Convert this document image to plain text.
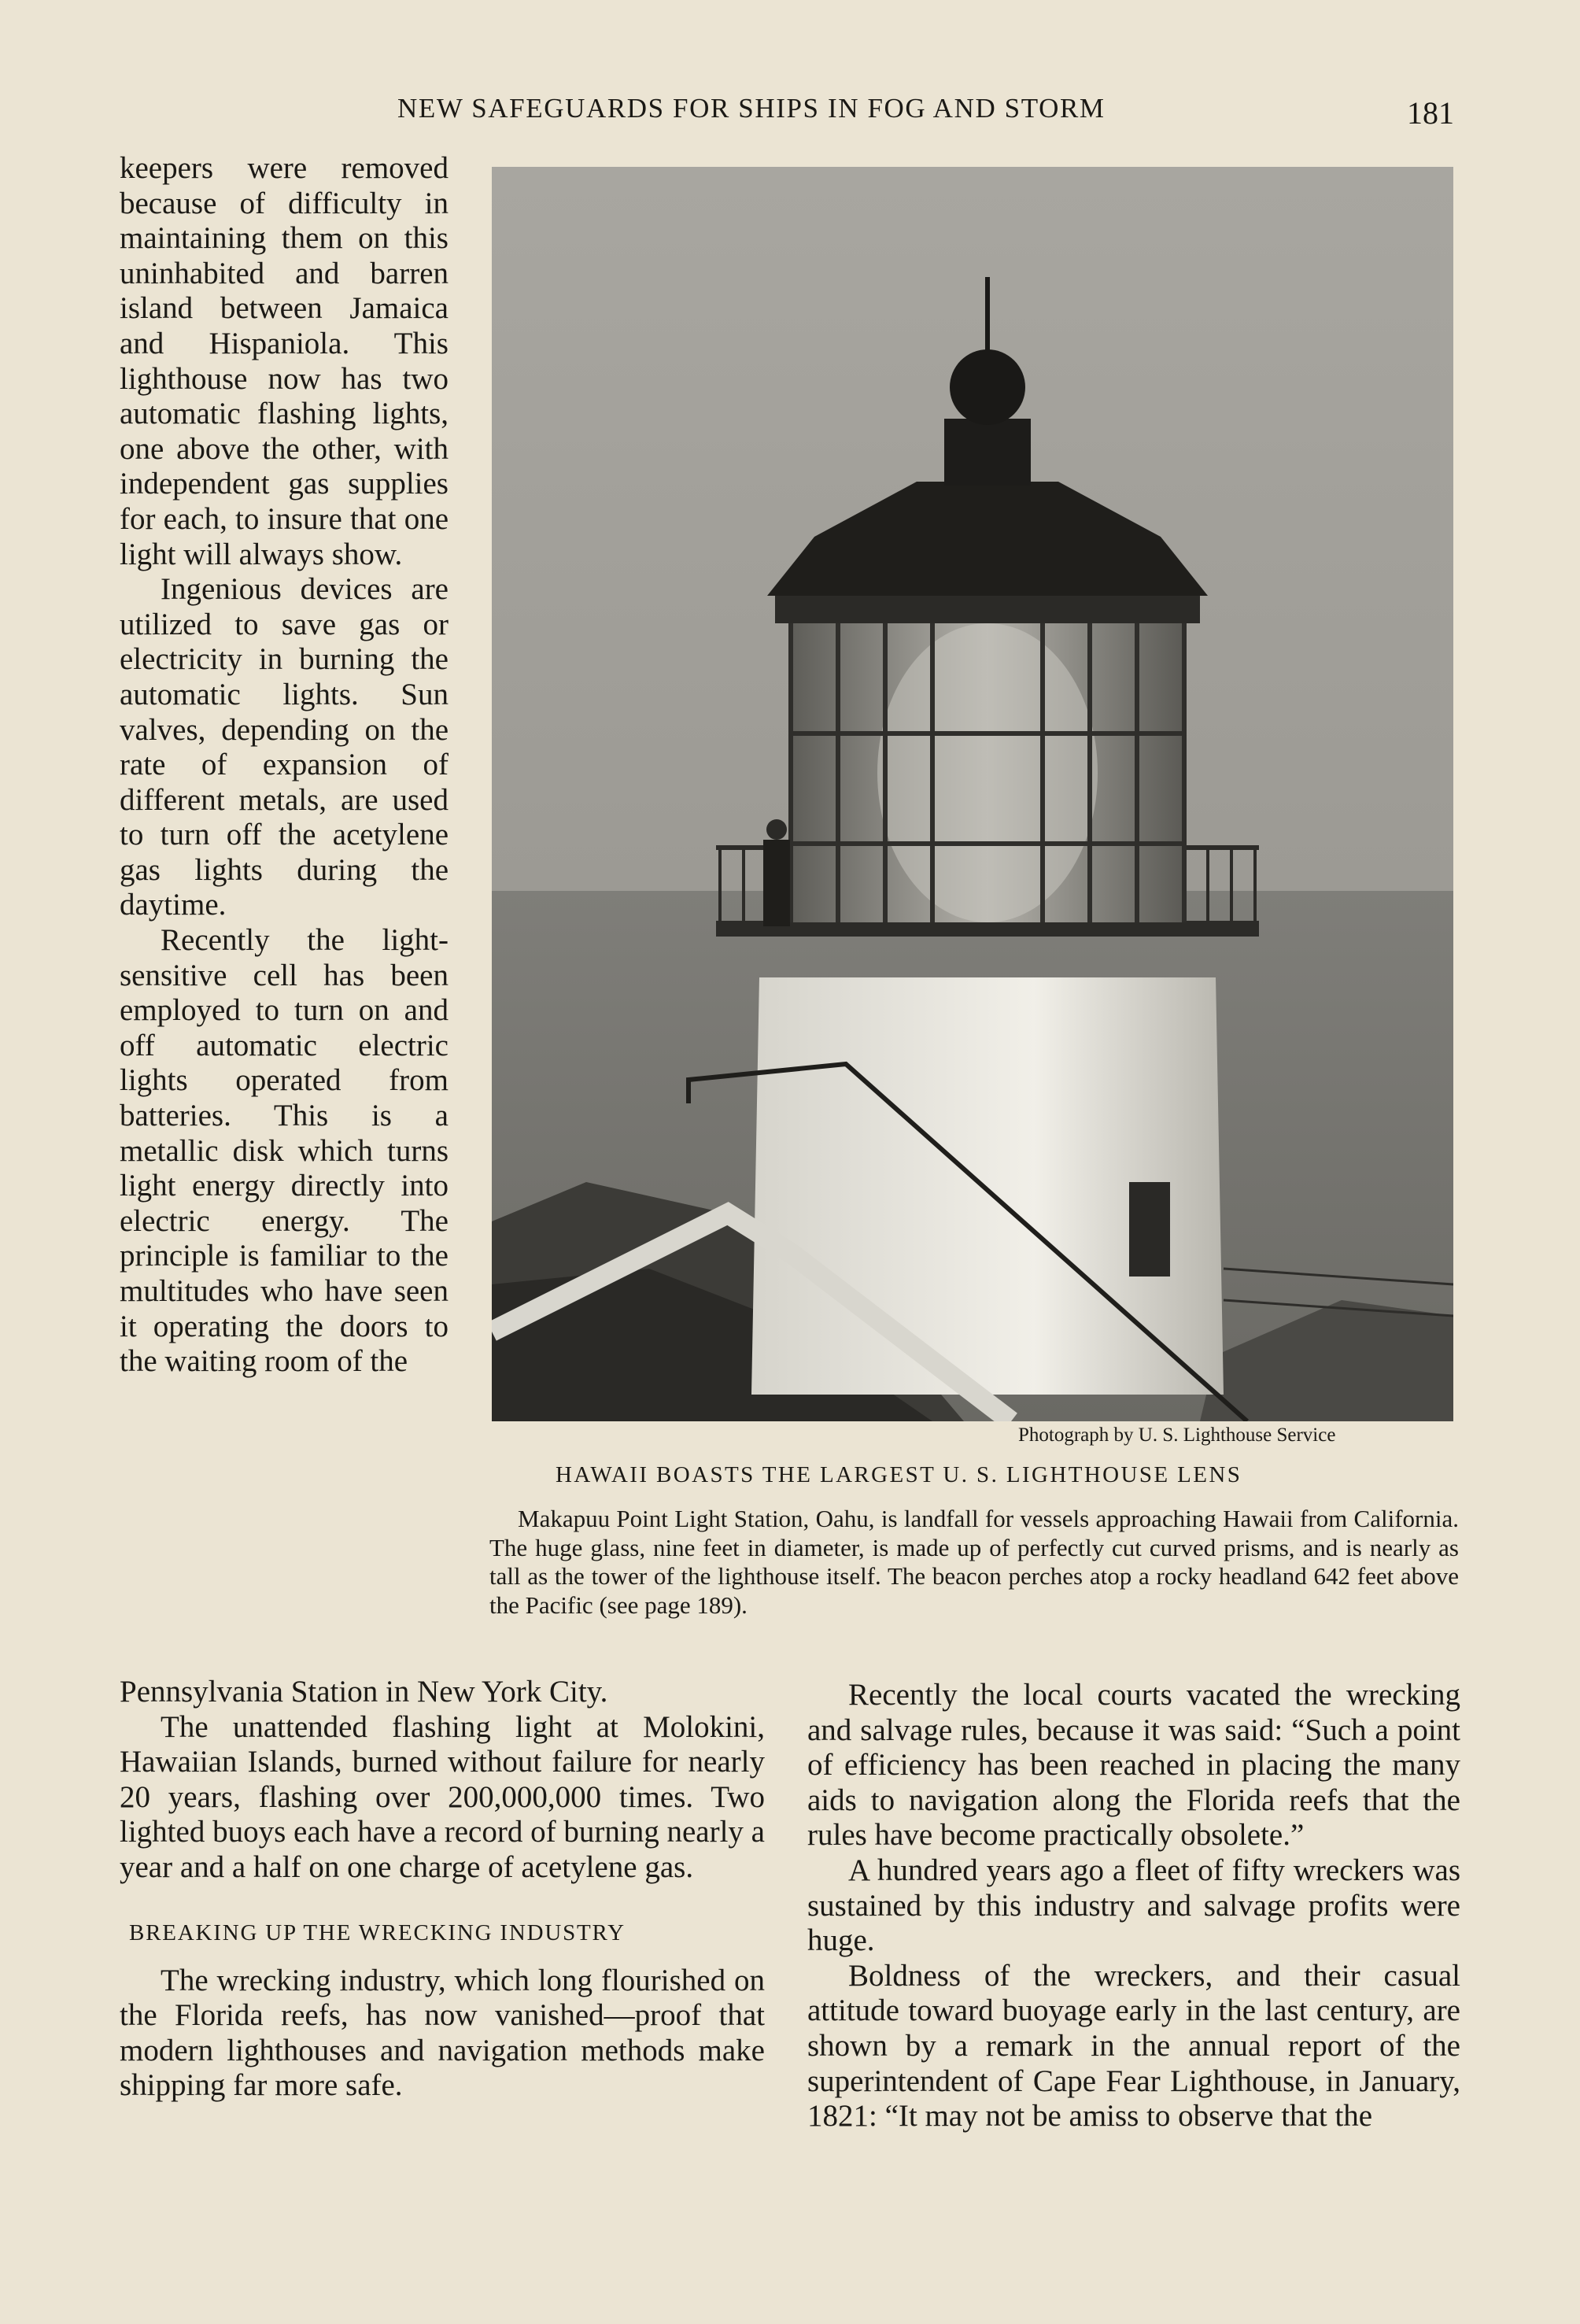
NEW SAFEGUARDS FOR SHIPS IN FOG AND STORM	181

keepers were removed because of difficulty in maintaining them on this uninhabited and barren island between Jamaica and Hispaniola. This lighthouse now has two automatic flashing lights, one above the other, with independent gas supplies for each, to insure that one light will always show.

Ingenious devices are utilized to save gas or electricity in burning the automatic lights. Sun valves, depending on the rate of expansion of different metals, are used to turn off the acetylene gas lights during the daytime.

Recently the light-sensitive cell has been employed to turn on and off automatic electric lights operated from batteries. This is a metallic disk which turns light energy directly into electric energy. The principle is familiar to the multitudes who have seen it operating the doors to the waiting room of the

Photograph by U. S. Lighthouse Service
HAWAII BOASTS THE LARGEST U. S. LIGHTHOUSE LENS

Makapuu Point Light Station, Oahu, is landfall for vessels approaching Hawaii from California. The huge glass, nine feet in diameter, is made up of perfectly cut curved prisms, and is nearly as tall as the tower of the lighthouse itself. The beacon perches atop a rocky headland 642 feet above the Pacific (see page 189).

Pennsylvania Station in New York City.

The unattended flashing light at Molokini, Hawaiian Islands, burned without failure for nearly 20 years, flashing over 200,000,000 times. Two lighted buoys each have a record of burning nearly a year and a half on one charge of acetylene gas.

BREAKING UP THE WRECKING INDUSTRY

The wrecking industry, which long flourished on the Florida reefs, has now vanished—proof that modern lighthouses and navigation methods make shipping far more safe.

Recently the local courts vacated the wrecking and salvage rules, because it was said: “Such a point of efficiency has been reached in placing the many aids to navigation along the Florida reefs that the rules have become practically obsolete.”

A hundred years ago a fleet of fifty wreckers was sustained by this industry and salvage profits were huge.

Boldness of the wreckers, and their casual attitude toward buoyage early in the last century, are shown by a remark in the annual report of the superintendent of Cape Fear Lighthouse, in January, 1821: “It may not be amiss to observe that the
